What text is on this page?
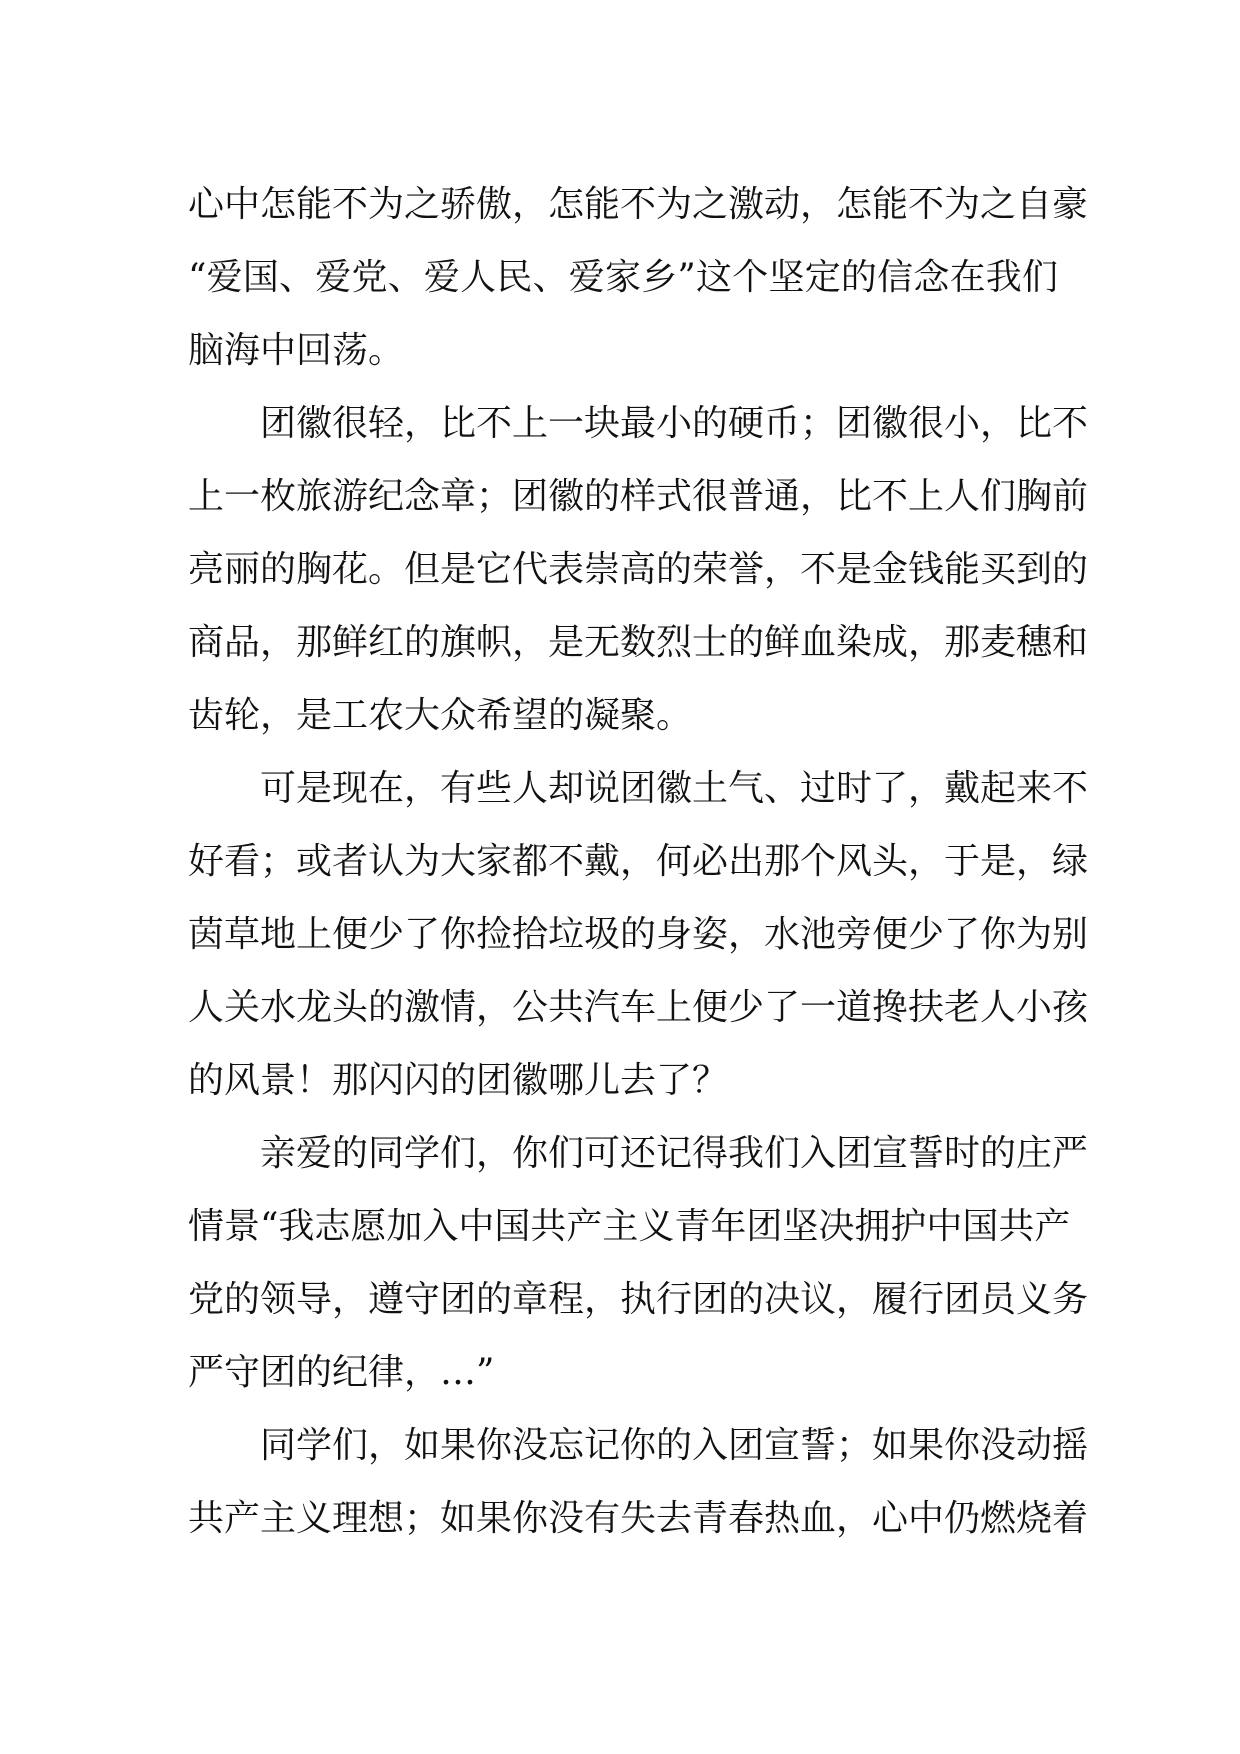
心中怎能不为之骄傲，怎能不为之激动，怎能不为之自豪
“爱国、爱党、爱人民、爱家乡”这个坚定的信念在我们
脑海中回荡。
团徽很轻，比不上一块最小的硬币；团徽很小，比不
上一枚旅游纪念章；团徽的样式很普通，比不上人们胸前
亮丽的胸花。但是它代表崇高的荣誉，不是金钱能买到的
商品，那鲜红的旗帜，是无数烈士的鲜血染成，那麦穗和
齿轮，是工农大众希望的凝聚。
可是现在，有些人却说团徽土气、过时了，戴起来不
好看；或者认为大家都不戴，何必出那个风头，于是，绿
茵草地上便少了你捡拾垃圾的身姿，水池旁便少了你为别
人关水龙头的激情，公共汽车上便少了一道搀扶老人小孩
的风景！那闪闪的团徽哪儿去了？
亲爱的同学们，你们可还记得我们入团宣誓时的庄严
情景“我志愿加入中国共产主义青年团坚决拥护中国共产
党的领导，遵守团的章程，执行团的决议，履行团员义务
严守团的纪律，…”
同学们，如果你没忘记你的入团宣誓；如果你没动摇
共产主义理想；如果你没有失去青春热血，心中仍燃烧着
